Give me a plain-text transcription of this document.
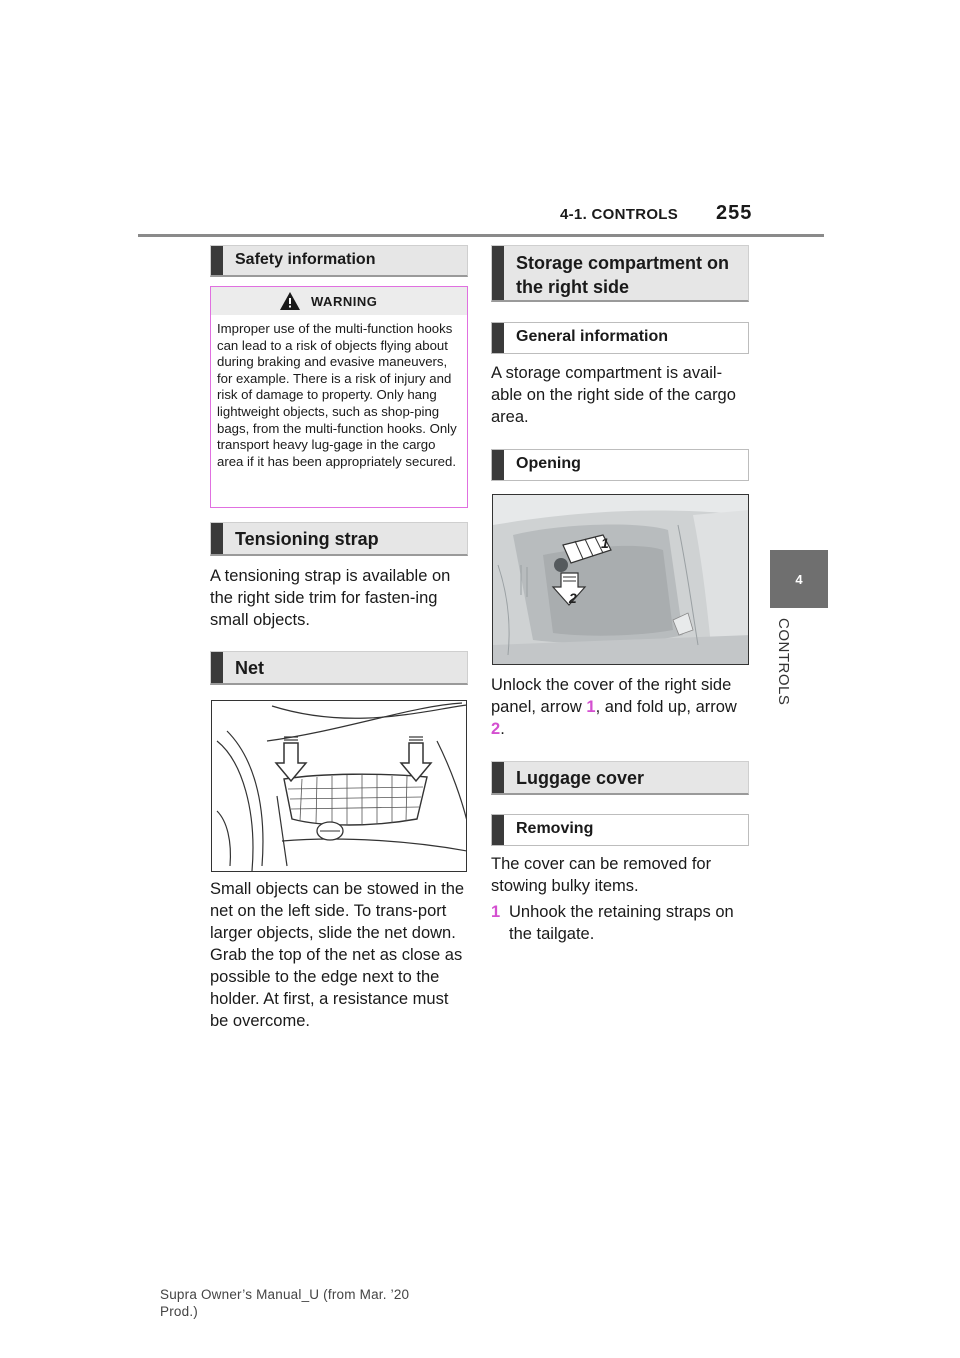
4-1. CONTROLS 255
4
CONTROLS
Safety information
WARNING
Improper use of the multi-function hooks can lead to a risk of objects flying about during braking and evasive maneuvers, for example. There is a risk of injury and risk of damage to property. Only hang lightweight objects, such as shop-ping bags, from the multi-function hooks. Only transport heavy lug-gage in the cargo area if it has been appropriately secured.
Tensioning strap
A tensioning strap is available on the right side trim for fasten-ing small objects.
Net
Small objects can be stowed in the net on the left side. To trans-port larger objects, slide the net down. Grab the top of the net as close as possible to the edge next to the holder. At first, a resistance must be overcome.
Storage compartment on
the right side
General information
A storage compartment is avail-able on the right side of the cargo area.
Opening
1
2
Unlock the cover of the right side panel, arrow 1, and fold up, arrow 2.
Luggage cover
Removing
The cover can be removed for stowing bulky items.
1 Unhook the retaining straps on the tailgate.
Supra Owner’s Manual_U (from Mar. ’20
Prod.)
